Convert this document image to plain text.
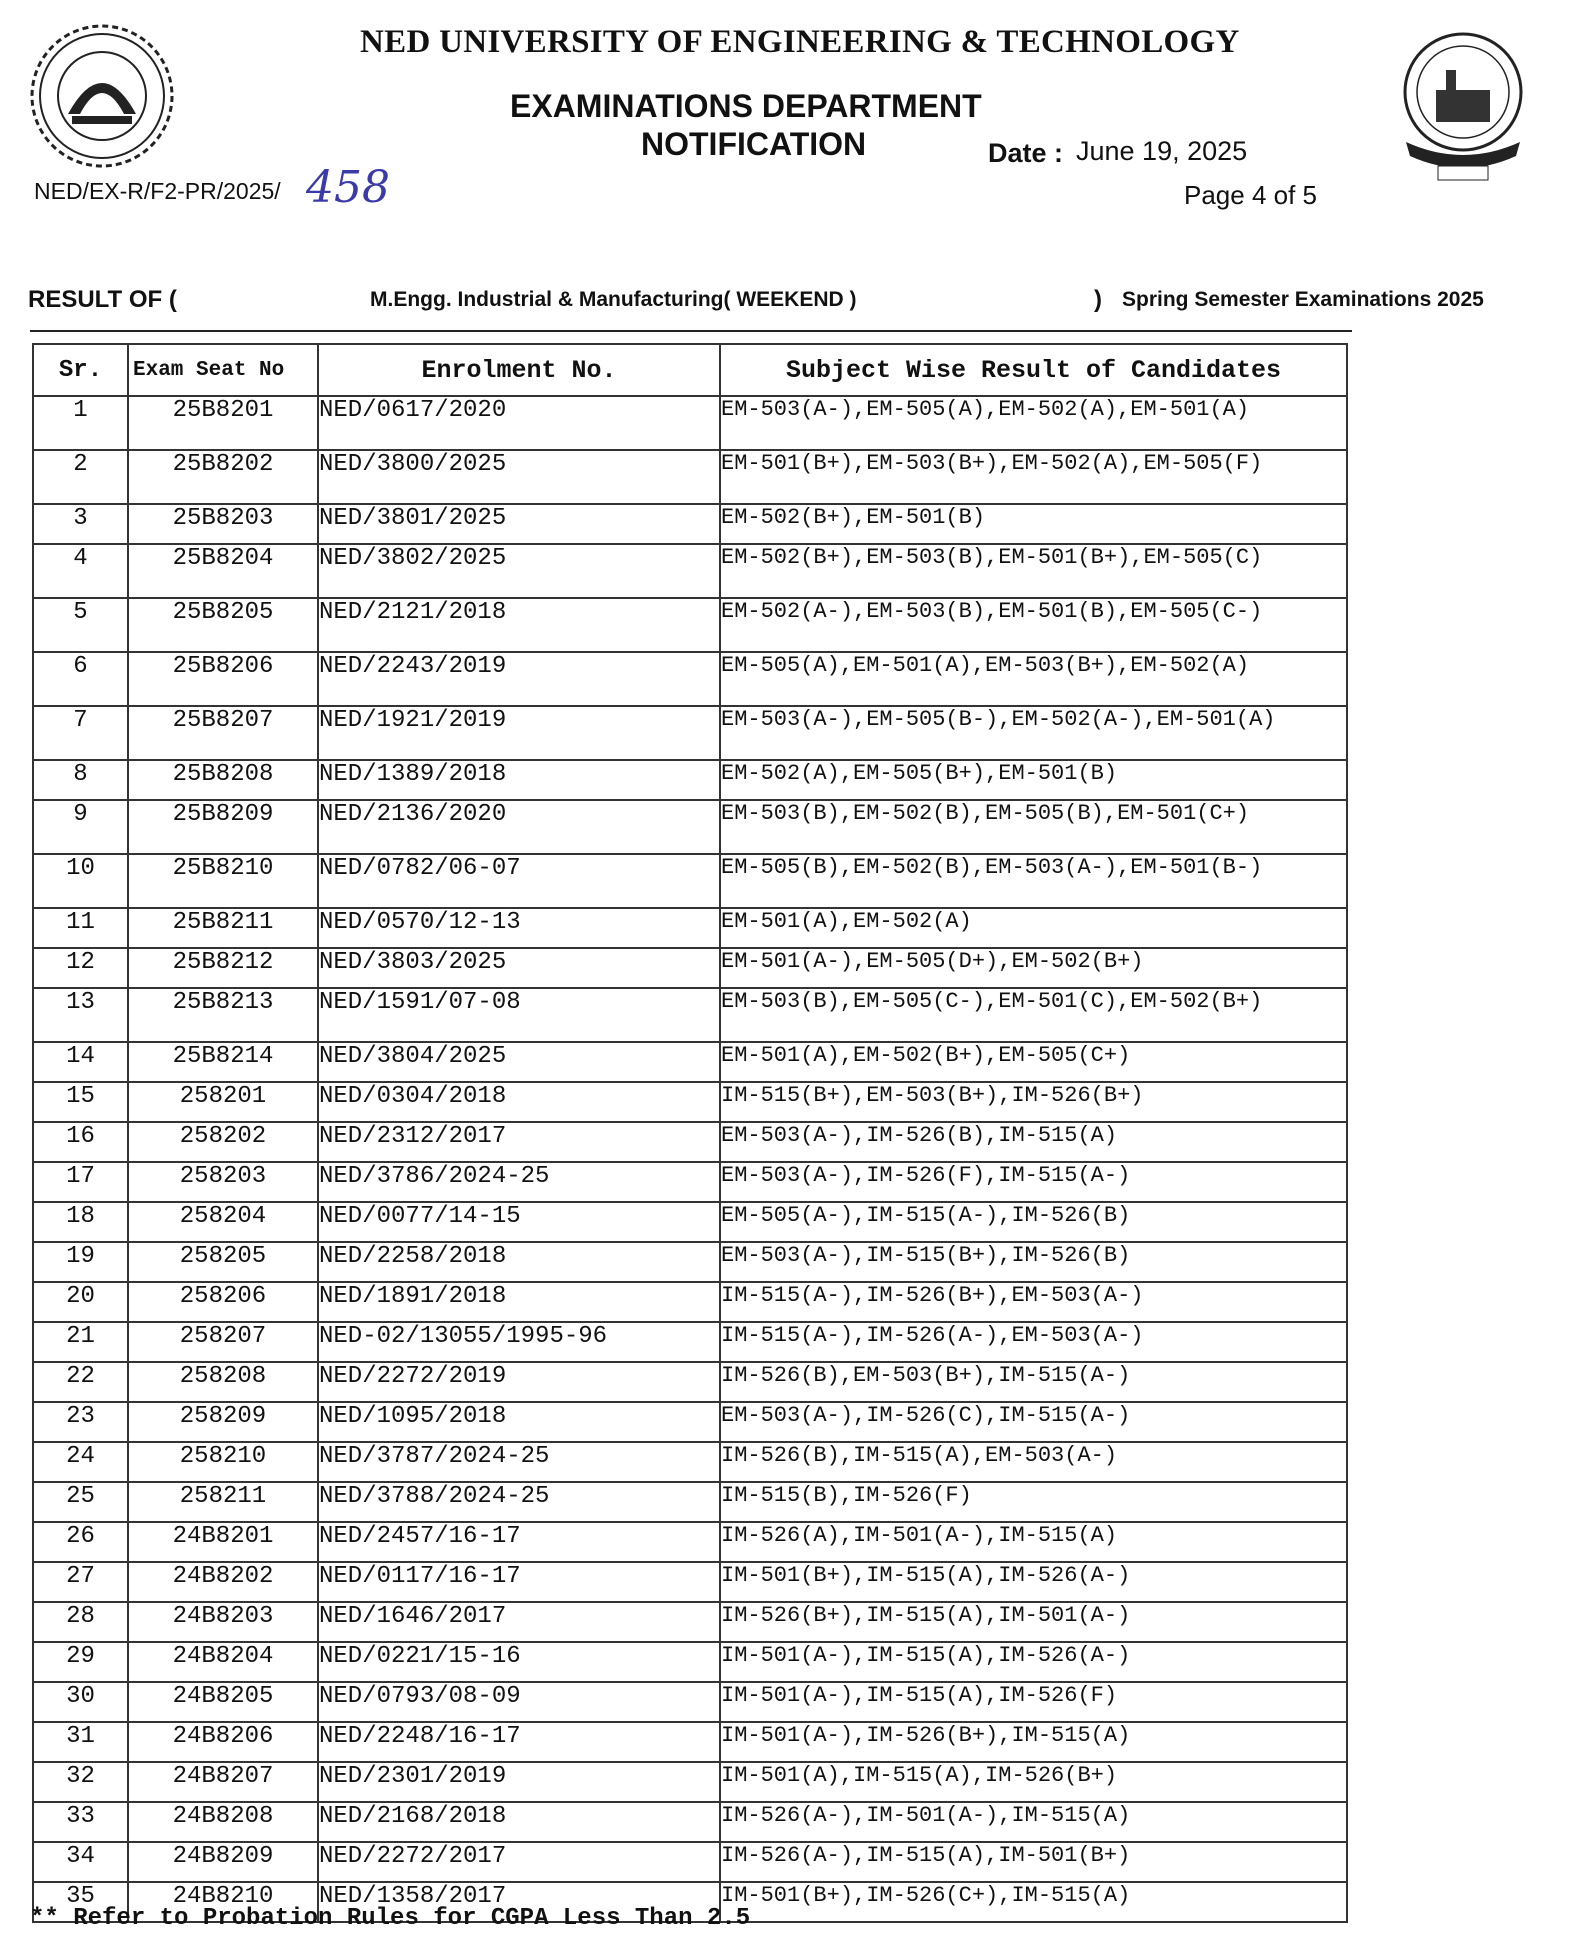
NED UNIVERSITY OF ENGINEERING & TECHNOLOGY
EXAMINATIONS DEPARTMENT
NOTIFICATION	Date : June 19, 2025
NED/EX-R/F2-PR/2025/ 458	Page 4 of 5
RESULT OF (	M.Engg. Industrial & Manufacturing( WEEKEND )	) Spring Semester Examinations 2025
Sr.	Exam Seat No	Enrolment No.	Subject Wise Result of Candidates
1	25B8201	NED/0617/2020	EM-503(A-),EM-505(A),EM-502(A),EM-501(A)
2	25B8202	NED/3800/2025	EM-501(B+),EM-503(B+),EM-502(A),EM-505(F)
3	25B8203	NED/3801/2025	EM-502(B+),EM-501(B)
4	25B8204	NED/3802/2025	EM-502(B+),EM-503(B),EM-501(B+),EM-505(C)
5	25B8205	NED/2121/2018	EM-502(A-),EM-503(B),EM-501(B),EM-505(C-)
6	25B8206	NED/2243/2019	EM-505(A),EM-501(A),EM-503(B+),EM-502(A)
7	25B8207	NED/1921/2019	EM-503(A-),EM-505(B-),EM-502(A-),EM-501(A)
8	25B8208	NED/1389/2018	EM-502(A),EM-505(B+),EM-501(B)
9	25B8209	NED/2136/2020	EM-503(B),EM-502(B),EM-505(B),EM-501(C+)
10	25B8210	NED/0782/06-07	EM-505(B),EM-502(B),EM-503(A-),EM-501(B-)
11	25B8211	NED/0570/12-13	EM-501(A),EM-502(A)
12	25B8212	NED/3803/2025	EM-501(A-),EM-505(D+),EM-502(B+)
13	25B8213	NED/1591/07-08	EM-503(B),EM-505(C-),EM-501(C),EM-502(B+)
14	25B8214	NED/3804/2025	EM-501(A),EM-502(B+),EM-505(C+)
15	258201	NED/0304/2018	IM-515(B+),EM-503(B+),IM-526(B+)
16	258202	NED/2312/2017	EM-503(A-),IM-526(B),IM-515(A)
17	258203	NED/3786/2024-25	EM-503(A-),IM-526(F),IM-515(A-)
18	258204	NED/0077/14-15	EM-505(A-),IM-515(A-),IM-526(B)
19	258205	NED/2258/2018	EM-503(A-),IM-515(B+),IM-526(B)
20	258206	NED/1891/2018	IM-515(A-),IM-526(B+),EM-503(A-)
21	258207	NED-02/13055/1995-96	IM-515(A-),IM-526(A-),EM-503(A-)
22	258208	NED/2272/2019	IM-526(B),EM-503(B+),IM-515(A-)
23	258209	NED/1095/2018	EM-503(A-),IM-526(C),IM-515(A-)
24	258210	NED/3787/2024-25	IM-526(B),IM-515(A),EM-503(A-)
25	258211	NED/3788/2024-25	IM-515(B),IM-526(F)
26	24B8201	NED/2457/16-17	IM-526(A),IM-501(A-),IM-515(A)
27	24B8202	NED/0117/16-17	IM-501(B+),IM-515(A),IM-526(A-)
28	24B8203	NED/1646/2017	IM-526(B+),IM-515(A),IM-501(A-)
29	24B8204	NED/0221/15-16	IM-501(A-),IM-515(A),IM-526(A-)
30	24B8205	NED/0793/08-09	IM-501(A-),IM-515(A),IM-526(F)
31	24B8206	NED/2248/16-17	IM-501(A-),IM-526(B+),IM-515(A)
32	24B8207	NED/2301/2019	IM-501(A),IM-515(A),IM-526(B+)
33	24B8208	NED/2168/2018	IM-526(A-),IM-501(A-),IM-515(A)
34	24B8209	NED/2272/2017	IM-526(A-),IM-515(A),IM-501(B+)
35	24B8210	NED/1358/2017	IM-501(B+),IM-526(C+),IM-515(A)
** Refer to Probation Rules for CGPA Less Than 2.5
